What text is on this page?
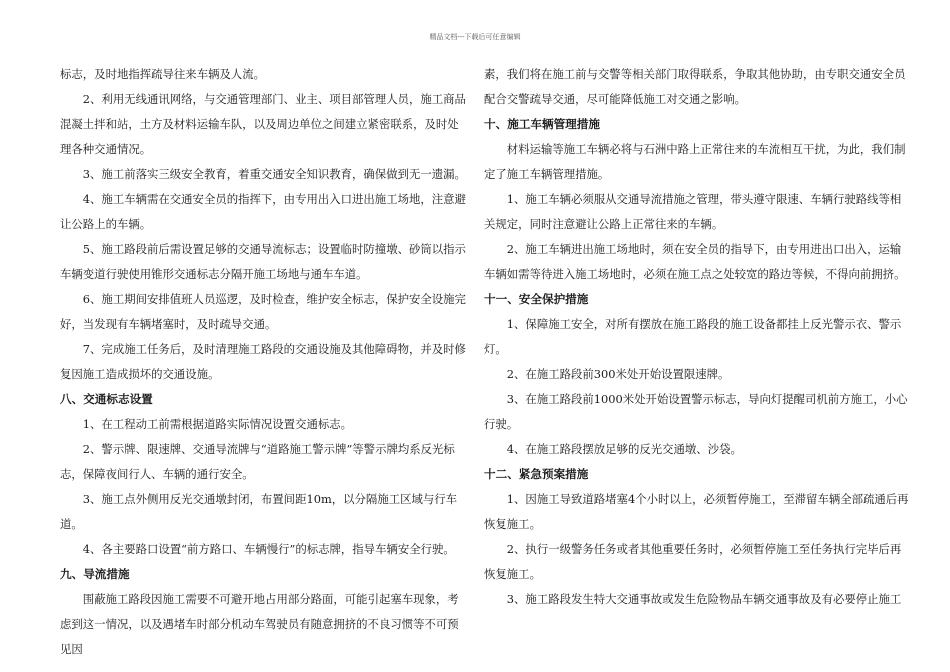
精品文档---下载后可任意编辑

标志，及时地指挥疏导往来车辆及人流。

2、利用无线通讯网络，与交通管理部门、业主、项目部管理人员，施工商品混凝土拌和站，土方及材料运输车队，以及周边单位之间建立紧密联系，及时处理各种交通情况。

3、施工前落实三级安全教育，着重交通安全知识教育，确保做到无一遗漏。

4、施工车辆需在交通安全员的指挥下，由专用出入口进出施工场地，注意避让公路上的车辆。

5、施工路段前后需设置足够的交通导流标志；设置临时防撞墩、砂筒以指示车辆变道行驶使用锥形交通标志分隔开施工场地与通车车道。

6、施工期间安排值班人员巡逻，及时检查，维护安全标志，保护安全设施完好，当发现有车辆堵塞时，及时疏导交通。

7、完成施工任务后，及时清理施工路段的交通设施及其他障碍物，并及时修复因施工造成损坏的交通设施。

八、交通标志设置

1、在工程动工前需根据道路实际情况设置交通标志。

2、警示牌、限速牌、交通导流牌与“道路施工警示牌”等警示牌均系反光标志，保障夜间行人、车辆的通行安全。

3、施工点外侧用反光交通墩封闭，布置间距10m，以分隔施工区域与行车道。

4、各主要路口设置“前方路口、车辆慢行”的标志牌，指导车辆安全行驶。

九、导流措施

围蔽施工路段因施工需要不可避开地占用部分路面，可能引起塞车现象，考虑到这一情况，以及遇堵车时部分机动车驾驶员有随意拥挤的不良习惯等不可预见因

素，我们将在施工前与交警等相关部门取得联系，争取其他协助，由专职交通安全员配合交警疏导交通，尽可能降低施工对交通之影响。

十、施工车辆管理措施

材料运输等施工车辆必将与石洲中路上正常往来的车流相互干扰，为此，我们制定了施工车辆管理措施。

1、施工车辆必须服从交通导流措施之管理，带头遵守限速、车辆行驶路线等相关规定，同时注意避让公路上正常往来的车辆。

2、施工车辆进出施工场地时，须在安全员的指导下，由专用进出口出入，运输车辆如需等待进入施工场地时，必须在施工点之处较宽的路边等候，不得向前拥挤。

十一、安全保护措施

1、保障施工安全，对所有摆放在施工路段的施工设备都挂上反光警示衣、警示灯。

2、在施工路段前300米处开始设置限速牌。

3、在施工路段前1000米处开始设置警示标志，导向灯提醒司机前方施工，小心行驶。

4、在施工路段摆放足够的反光交通墩、沙袋。

十二、紧急预案措施

1、因施工导致道路堵塞4个小时以上，必须暂停施工，至滞留车辆全部疏通后再恢复施工。

2、执行一级警务任务或者其他重要任务时，必须暂停施工至任务执行完毕后再恢复施工。

3、施工路段发生特大交通事故或发生危险物品车辆交通事故及有必要停止施工
